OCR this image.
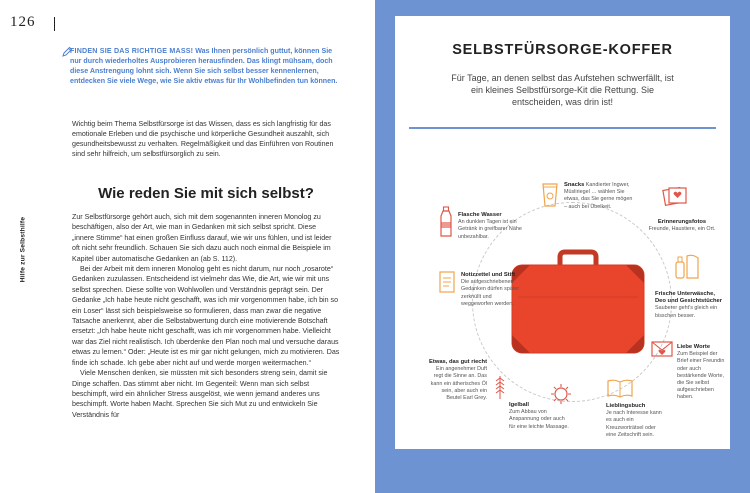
126
FINDEN SIE DAS RICHTIGE MASS! Was Ihnen persönlich guttut, können Sie nur durch wiederholtes Ausprobieren herausfinden. Das klingt mühsam, doch diese Anstrengung lohnt sich. Wenn Sie sich selbst besser kennenlernen, entdecken Sie viele Wege, wie Sie aktiv etwas für Ihr Wohlbefinden tun können.
Wichtig beim Thema Selbstfürsorge ist das Wissen, dass es sich langfristig für das emotionale Erleben und die psychische und körperliche Gesundheit auszahlt, sich gesundheitsbewusst zu verhalten. Regelmäßigkeit und das Einführen von Routinen sind sehr hilfreich, um selbstfürsorglich zu sein.
Wie reden Sie mit sich selbst?
Hilfe zur Selbsthilfe	Zur Selbstfürsorge gehört auch, sich mit dem sogenannten inneren Monolog zu beschäftigen, also der Art, wie man in Gedanken mit sich selbst spricht. Diese „innere Stimme“ hat einen großen Einfluss darauf, wie wir uns fühlen, und ist leider oft nicht sehr freundlich. Schauen Sie sich dazu auch noch einmal die Beispiele im Kapitel über automatische Gedanken an (ab S. 112).

Bei der Arbeit mit dem inneren Monolog geht es nicht darum, nur noch „rosarote“ Gedanken zuzulassen. Entscheidend ist vielmehr das Wie, die Art, wie wir mit uns selbst sprechen. Diese sollte von Wohlwollen und Verständnis geprägt sein. Der Gedanke „Ich habe heute nicht geschafft, was ich mir vorgenommen habe, ich bin so ein Loser“ lässt sich beispielsweise so formulieren, dass man zwar die negative Tatsache anerkennt, aber die Selbstabwertung durch eine motivierende Botschaft ersetzt: „Ich habe heute nicht geschafft, was ich mir vorgenommen habe. Vielleicht war das Ziel nicht realistisch. Ich überdenke den Plan noch mal und versuche daraus etwas zu lernen.“ Oder: „Heute ist es mir gar nicht gelungen, mich zu motivieren. Das finde ich schade. Ich gebe aber nicht auf und werde morgen weitermachen.“

Viele Menschen denken, sie müssten mit sich besonders streng sein, damit sie Dinge schaffen. Das stimmt aber nicht. Im Gegenteil: Wenn man sich selbst beschimpft, wird ein ähnlicher Stress ausgelöst, wie wenn jemand anderes uns beschimpft. Worte haben Macht. Sprechen Sie sich Mut zu und entwickeln Sie Verständnis für

SELBSTFÜRSORGE-KOFFER
Für Tage, an denen selbst das Aufstehen schwerfällt, ist ein kleines Selbstfürsorge-Kit die Rettung. Sie entscheiden, was drin ist!
Snacks Kandierter Ingwer, Müsliriegel … wählen Sie etwas, das Sie gerne mögen – auch bei Übelkeit.
Erinnerungsfotos
Freunde, Haustiere, ein Ort.
Flasche Wasser
An dunklen Tagen ist ein Getränk in greifbarer Nähe unbezahlbar.
Notizzettel und Stift
Die aufgeschriebenen Gedanken dürfen später zerknüllt und weggeworfen werden.
Frische Unterwäsche, Deo und Gesichtstücher
Sauberer geht's gleich ein bisschen besser.
Liebe Worte
Zum Beispiel der Brief einer Freundin oder auch bestärkende Worte, die Sie selbst aufgeschrieben haben.
Etwas, das gut riecht
Ein angenehmer Duft regt die Sinne an. Das kann ein ätherisches Öl sein, aber auch ein Beutel Earl Grey.
Igelball
Zum Abbau von Anspannung oder auch für eine leichte Massage.
Lieblingsbuch
Je nach Interesse kann es auch ein Kreuzworträtsel oder eine Zeitschrift sein.
